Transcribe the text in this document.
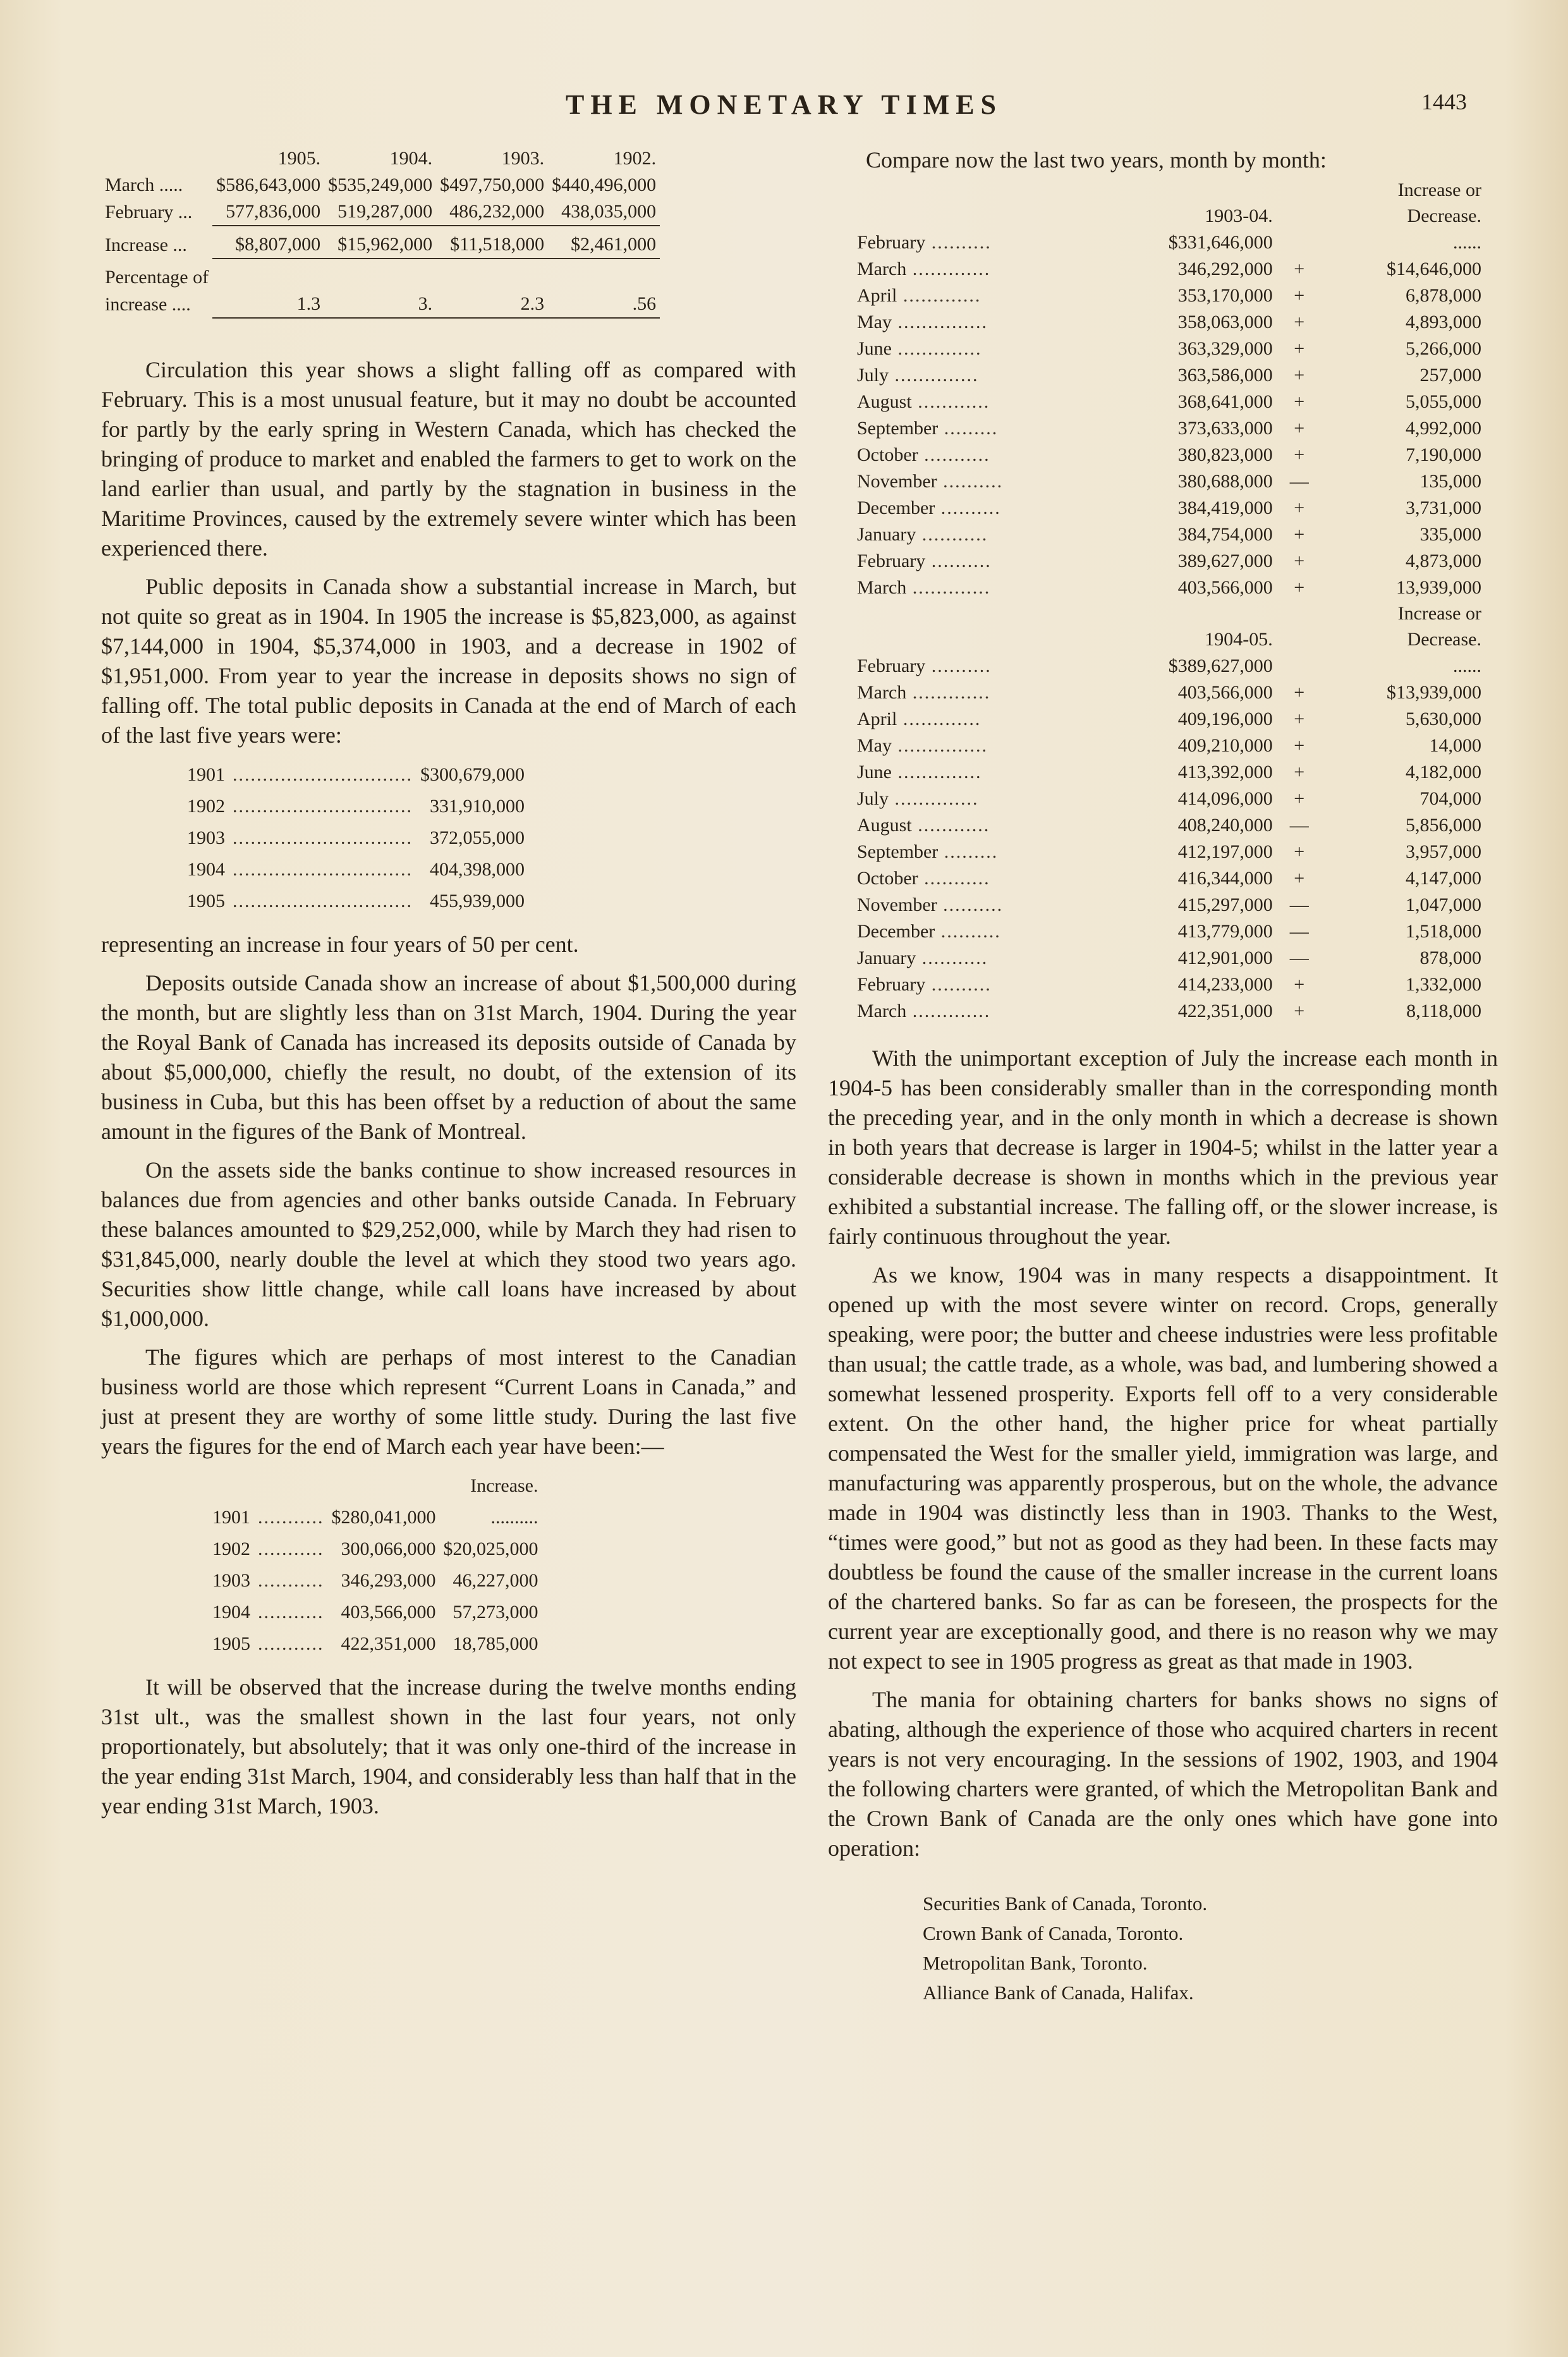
THE MONETARY TIMES	1443
	1905.	1904.	1903.	1902.
March .....	$586,643,000	$535,249,000	$497,750,000	$440,496,000
February ...	577,836,000	519,287,000	486,232,000	438,035,000

Increase ...	$8,807,000	$15,962,000	$11,518,000	$2,461,000

Percentage of				
increase ....	1.3	3.	2.3	.56

Circulation this year shows a slight falling off as compared with February. This is a most unusual feature, but it may no doubt be accounted for partly by the early spring in Western Canada, which has checked the bringing of produce to market and enabled the farmers to get to work on the land earlier than usual, and partly by the stagnation in business in the Maritime Provinces, caused by the extremely severe winter which has been experienced there.

Public deposits in Canada show a substantial increase in March, but not quite so great as in 1904. In 1905 the increase is $5,823,000, as against $7,144,000 in 1904, $5,374,000 in 1903, and a decrease in 1902 of $1,951,000. From year to year the increase in deposits shows no sign of falling off. The total public deposits in Canada at the end of March of each of the last five years were:

1901	..............................	$300,679,000
1902	..............................	331,910,000
1903	..............................	372,055,000
1904	..............................	404,398,000
1905	..............................	455,939,000

representing an increase in four years of 50 per cent.

Deposits outside Canada show an increase of about $1,500,000 during the month, but are slightly less than on 31st March, 1904. During the year the Royal Bank of Canada has increased its deposits outside of Canada by about $5,000,000, chiefly the result, no doubt, of the extension of its business in Cuba, but this has been offset by a reduction of about the same amount in the figures of the Bank of Montreal.

On the assets side the banks continue to show increased resources in balances due from agencies and other banks outside Canada. In February these balances amounted to $29,252,000, while by March they had risen to $31,845,000, nearly double the level at which they stood two years ago. Securities show little change, while call loans have increased by about $1,000,000.

The figures which are perhaps of most interest to the Canadian business world are those which represent “Current Loans in Canada,” and just at present they are worthy of some little study. During the last five years the figures for the end of March each year have been:—

			Increase.
1901	...........	$280,041,000	..........
1902	...........	300,066,000	$20,025,000
1903	...........	346,293,000	46,227,000
1904	...........	403,566,000	57,273,000
1905	...........	422,351,000	18,785,000

It will be observed that the increase during the twelve months ending 31st ult., was the smallest shown in the last four years, not only proportionately, but absolutely; that it was only one-third of the increase in the year ending 31st March, 1904, and considerably less than half that in the year ending 31st March, 1903.

Compare now the last two years, month by month:

			Increase or
	1903-04.		Decrease.
February ..........	$331,646,000		......
March .............	346,292,000	+	$14,646,000
April .............	353,170,000	+	6,878,000
May ...............	358,063,000	+	4,893,000
June ..............	363,329,000	+	5,266,000
July ..............	363,586,000	+	257,000
August ............	368,641,000	+	5,055,000
September .........	373,633,000	+	4,992,000
October ...........	380,823,000	+	7,190,000
November ..........	380,688,000	—	135,000
December ..........	384,419,000	+	3,731,000
January ...........	384,754,000	+	335,000
February ..........	389,627,000	+	4,873,000
March .............	403,566,000	+	13,939,000
			Increase or
	1904-05.		Decrease.
February ..........	$389,627,000		......
March .............	403,566,000	+	$13,939,000
April .............	409,196,000	+	5,630,000
May ...............	409,210,000	+	14,000
June ..............	413,392,000	+	4,182,000
July ..............	414,096,000	+	704,000
August ............	408,240,000	—	5,856,000
September .........	412,197,000	+	3,957,000
October ...........	416,344,000	+	4,147,000
November ..........	415,297,000	—	1,047,000
December ..........	413,779,000	—	1,518,000
January ...........	412,901,000	—	878,000
February ..........	414,233,000	+	1,332,000
March .............	422,351,000	+	8,118,000

With the unimportant exception of July the increase each month in 1904-5 has been considerably smaller than in the corresponding month the preceding year, and in the only month in which a decrease is shown in both years that decrease is larger in 1904-5; whilst in the latter year a considerable decrease is shown in months which in the previous year exhibited a substantial increase. The falling off, or the slower increase, is fairly continuous throughout the year.

As we know, 1904 was in many respects a disappointment. It opened up with the most severe winter on record. Crops, generally speaking, were poor; the butter and cheese industries were less profitable than usual; the cattle trade, as a whole, was bad, and lumbering showed a somewhat lessened prosperity. Exports fell off to a very considerable extent. On the other hand, the higher price for wheat partially compensated the West for the smaller yield, immigration was large, and manufacturing was apparently prosperous, but on the whole, the advance made in 1904 was distinctly less than in 1903. Thanks to the West, “times were good,” but not as good as they had been. In these facts may doubtless be found the cause of the smaller increase in the current loans of the chartered banks. So far as can be foreseen, the prospects for the current year are exceptionally good, and there is no reason why we may not expect to see in 1905 progress as great as that made in 1903.

The mania for obtaining charters for banks shows no signs of abating, although the experience of those who acquired charters in recent years is not very encouraging. In the sessions of 1902, 1903, and 1904 the following charters were granted, of which the Metropolitan Bank and the Crown Bank of Canada are the only ones which have gone into operation:

Securities Bank of Canada, Toronto.
Crown Bank of Canada, Toronto.
Metropolitan Bank, Toronto.
Alliance Bank of Canada, Halifax.
